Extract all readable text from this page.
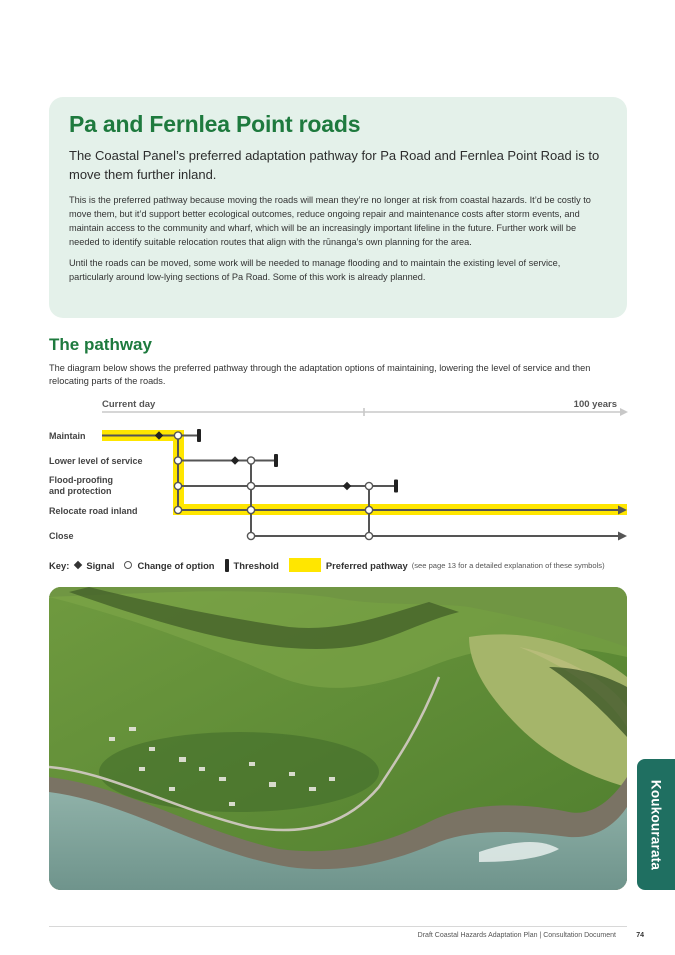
Pa and Fernlea Point roads

The Coastal Panel’s preferred adaptation pathway for Pa Road and Fernlea Point Road is to move them further inland.

This is the preferred pathway because moving the roads will mean they’re no longer at risk from coastal hazards. It’d be costly to move them, but it’d support better ecological outcomes, reduce ongoing repair and maintenance costs after storm events, and maintain access to the community and wharf, which will be an increasingly important lifeline in the future. Further work will be needed to identify suitable relocation routes that align with the rūnanga’s own planning for the area.

Until the roads can be moved, some work will be needed to manage flooding and to maintain the existing level of service, particularly around low-lying sections of Pa Road. Some of this work is already planned.

The pathway

The diagram below shows the preferred pathway through the adaptation options of maintaining, lowering the level of service and then relocating parts of the roads.

Current day	100 years
Maintain
Lower level of service
Flood-proofing
and protection
Relocate road inland
Close
Key: Signal Change of option Threshold	Preferred pathway (see page 13 for a detailed explanation of these symbols)
Koukourarata
Draft Coastal Hazards Adaptation Plan | Consultation Document	74
